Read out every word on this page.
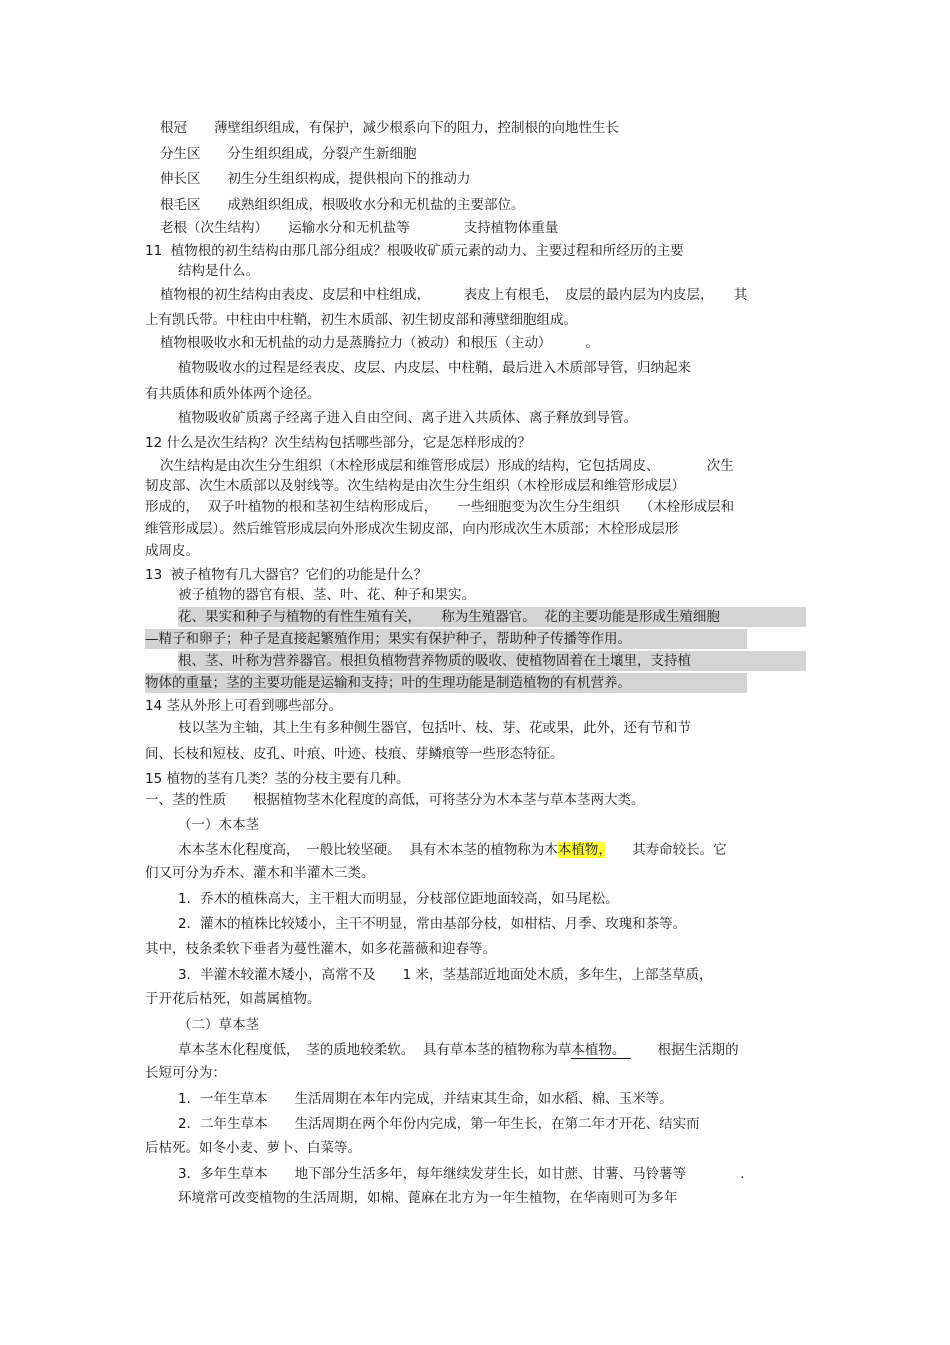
根冠　　薄壁组织组成，有保护，减少根系向下的阻力，控制根的向地性生长
分生区　　分生组织组成，分裂产生新细胞
伸长区　　初生分生组织构成，提供根向下的推动力
根毛区　　成熟组织组成，根吸收水分和无机盐的主要部位。
老根（次生结构）　　运输水分和无机盐等　　　　支持植物体重量
11  植物根的初生结构由那几部分组成？根吸收矿质元素的动力、主要过程和所经历的主要
结构是什么。
植物根的初生结构由表皮、皮层和中柱组成，　　　表皮上有根毛，　皮层的最内层为内皮层，　　其
上有凯氏带。中柱由中柱鞘，初生木质部、初生韧皮部和薄壁细胞组成。
植物根吸收水和无机盐的动力是蒸腾拉力（被动）和根压（主动）　　　。
植物吸收水的过程是经表皮、皮层、内皮层、中柱鞘，最后进入木质部导管，归纳起来
有共质体和质外体两个途径。
植物吸收矿质离子经离子进入自由空间、离子进入共质体、离子释放到导管。
12 什么是次生结构？次生结构包括哪些部分，它是怎样形成的？
次生结构是由次生分生组织（木栓形成层和维管形成层）形成的结构，它包括周皮、　　　　次生
韧皮部、次生木质部以及射线等。次生结构是由次生分生组织（木栓形成层和维管形成层）
形成的，  双子叶植物的根和茎初生结构形成后，　　一些细胞变为次生分生组织　　（木栓形成层和
维管形成层）。然后维管形成层向外形成次生韧皮部，向内形成次生木质部；木栓形成层形
成周皮。
13  被子植物有几大器官？它们的功能是什么？
被子植物的器官有根、茎、叶、花、种子和果实。
花、果实和种子与植物的有性生殖有关，　　称为生殖器官。  花的主要功能是形成生殖细胞
—精子和卵子；种子是直接起繁殖作用；果实有保护种子，帮助种子传播等作用。
根、茎、叶称为营养器官。根担负植物营养物质的吸收、使植物固着在土壤里，支持植
物体的重量；茎的主要功能是运输和支持；叶的生理功能是制造植物的有机营养。
14 茎从外形上可看到哪些部分。
枝以茎为主轴，其上生有多种侧生器官，包括叶、枝、芽、花或果，此外，还有节和节
间、长枝和短枝、皮孔、叶痕、叶迹、枝痕、芽鳞痕等一些形态特征。
15 植物的茎有几类？茎的分枝主要有几种。
一、茎的性质　　根据植物茎木化程度的高低，可将茎分为木本茎与草本茎两大类。
（一）木本茎
木本茎木化程度高，　一般比较坚硬。  具有木本茎的植物称为木本植物，　　其寿命较长。它
们又可分为乔木、灌木和半灌木三类。
1．乔木的植株高大，主干粗大而明显，分枝部位距地面较高，如马尾松。
2．灌木的植株比较矮小，主干不明显，常由基部分枝，如柑桔、月季、玫瑰和茶等。
其中，枝条柔软下垂者为蔓性灌木，如多花蔷薇和迎春等。
3．半灌木较灌木矮小，高常不及　　1 米，茎基部近地面处木质，多年生，上部茎草质，
于开花后枯死，如蒿属植物。
（二）草本茎
草本茎木化程度低，　茎的质地较柔软。  具有草本茎的植物称为草本植物。　　根据生活期的
长短可分为：
1．一年生草本　　生活周期在本年内完成，并结束其生命，如水稻、棉、玉米等。
2．二年生草本　　生活周期在两个年份内完成，第一年生长，在第二年才开花、结实而
后枯死。如冬小麦、萝卜、白菜等。
3．多年生草本　　地下部分生活多年，每年继续发芽生长，如甘蔗、甘薯、马铃薯等　　　　.
环境常可改变植物的生活周期，如棉、蓖麻在北方为一年生植物，在华南则可为多年
